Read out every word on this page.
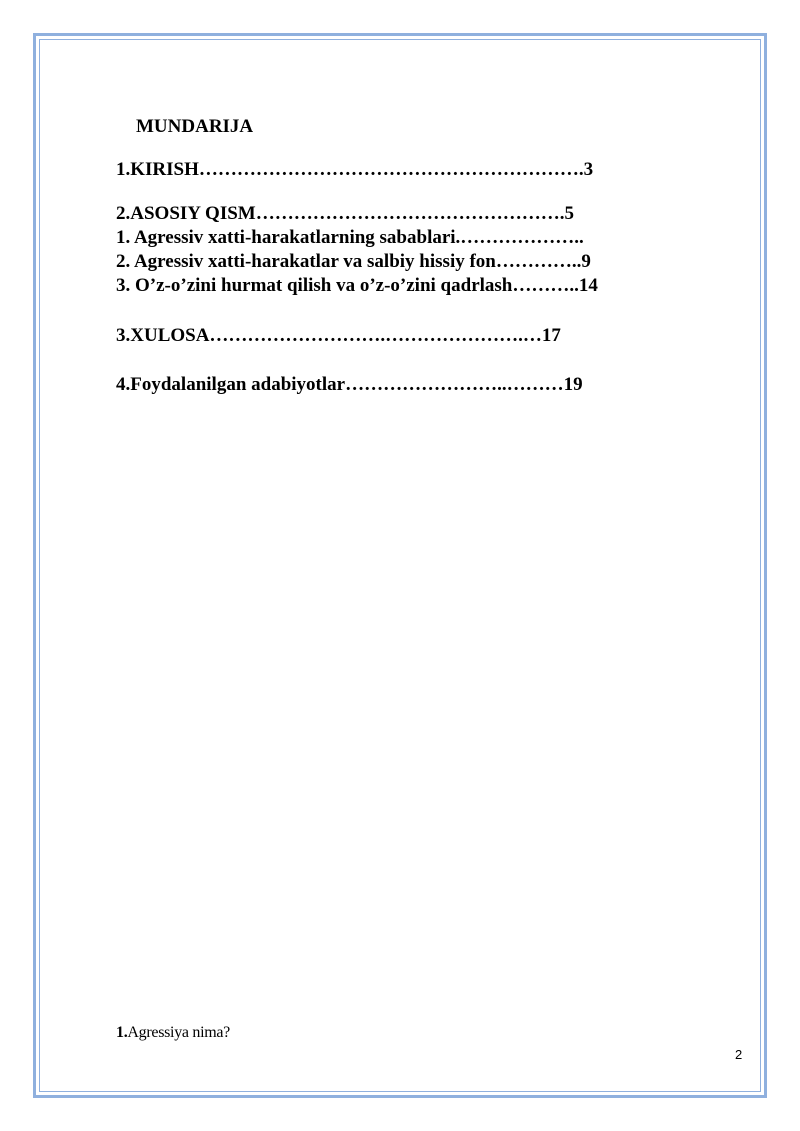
MUNDARIJA
1.KIRISH…………………………………………………….3
2.ASOSIY QISM………………………………………….5
1. Agressiv xatti-harakatlarning sabablari.………………..
2. Agressiv xatti-harakatlar va salbiy hissiy fon…………..9
3. O’z-o’zini hurmat qilish va o’z-o’zini qadrlash………..14
3.XULOSA……………………….………………….…17
4.Foydalanilgan adabiyotlar……………………..………19
1.Agressiya nima?
2
